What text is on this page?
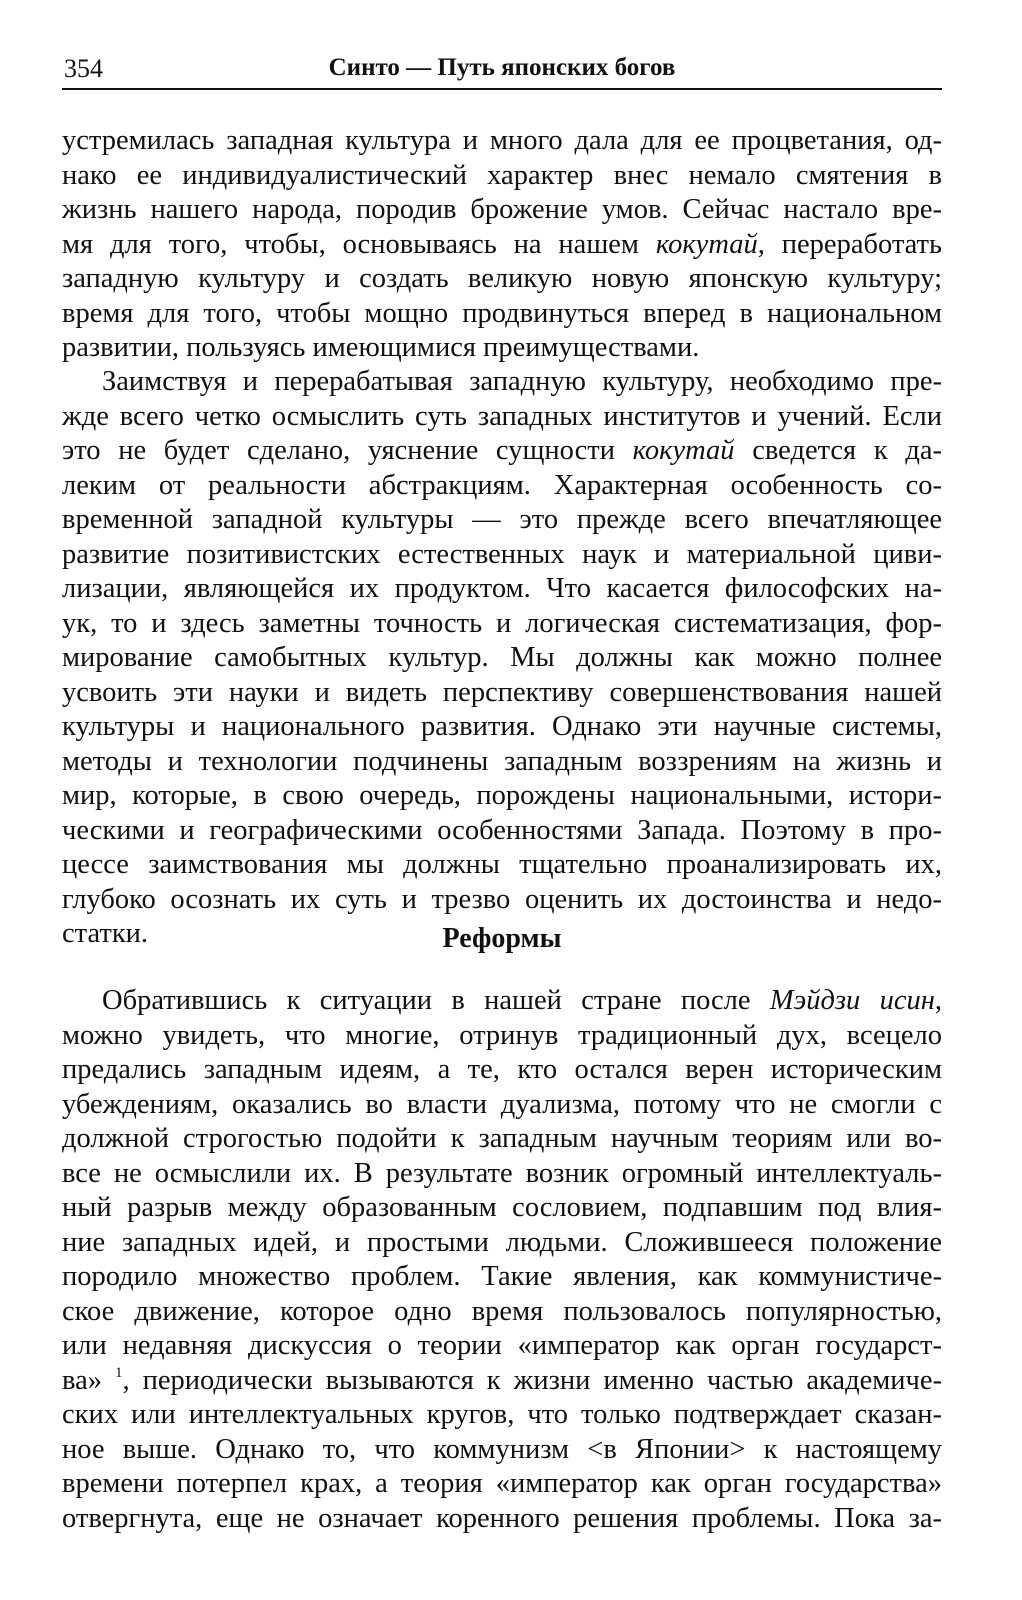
354	Синто — Путь японских богов
устремилась западная культура и много дала для ее процветания, од-
нако ее индивидуалистический характер внес немало смятения в
жизнь нашего народа, породив брожение умов. Сейчас настало вре-
мя для того, чтобы, основываясь на нашем кокутай, переработать
западную культуру и создать великую новую японскую культуру;
время для того, чтобы мощно продвинуться вперед в национальном
развитии, пользуясь имеющимися преимуществами.
Заимствуя и перерабатывая западную культуру, необходимо пре-
жде всего четко осмыслить суть западных институтов и учений. Если
это не будет сделано, уяснение сущности кокутай сведется к да-
леким от реальности абстракциям. Характерная особенность со-
временной западной культуры — это прежде всего впечатляющее
развитие позитивистских естественных наук и материальной циви-
лизации, являющейся их продуктом. Что касается философских на-
ук, то и здесь заметны точность и логическая систематизация, фор-
мирование самобытных культур. Мы должны как можно полнее
усвоить эти науки и видеть перспективу совершенствования нашей
культуры и национального развития. Однако эти научные системы,
методы и технологии подчинены западным воззрениям на жизнь и
мир, которые, в свою очередь, порождены национальными, истори-
ческими и географическими особенностями Запада. Поэтому в про-
цессе заимствования мы должны тщательно проанализировать их,
глубоко осознать их суть и трезво оценить их достоинства и недо-
статки.	Реформы
Обратившись к ситуации в нашей стране после Мэйдзи исин,
можно увидеть, что многие, отринув традиционный дух, всецело
предались западным идеям, а те, кто остался верен историческим
убеждениям, оказались во власти дуализма, потому что не смогли с
должной строгостью подойти к западным научным теориям или во-
все не осмыслили их. В результате возник огромный интеллектуаль-
ный разрыв между образованным сословием, подпавшим под влия-
ние западных идей, и простыми людьми. Сложившееся положение
породило множество проблем. Такие явления, как коммунистиче-
ское движение, которое одно время пользовалось популярностью,
или недавняя дискуссия о теории «император как орган государст-
ва» $^1$, периодически вызываются к жизни именно частью академиче-
ских или интеллектуальных кругов, что только подтверждает сказан-
ное выше. Однако то, что коммунизм <в Японии> к настоящему
времени потерпел крах, а теория «император как орган государства»
отвергнута, еще не означает коренного решения проблемы. Пока за-
